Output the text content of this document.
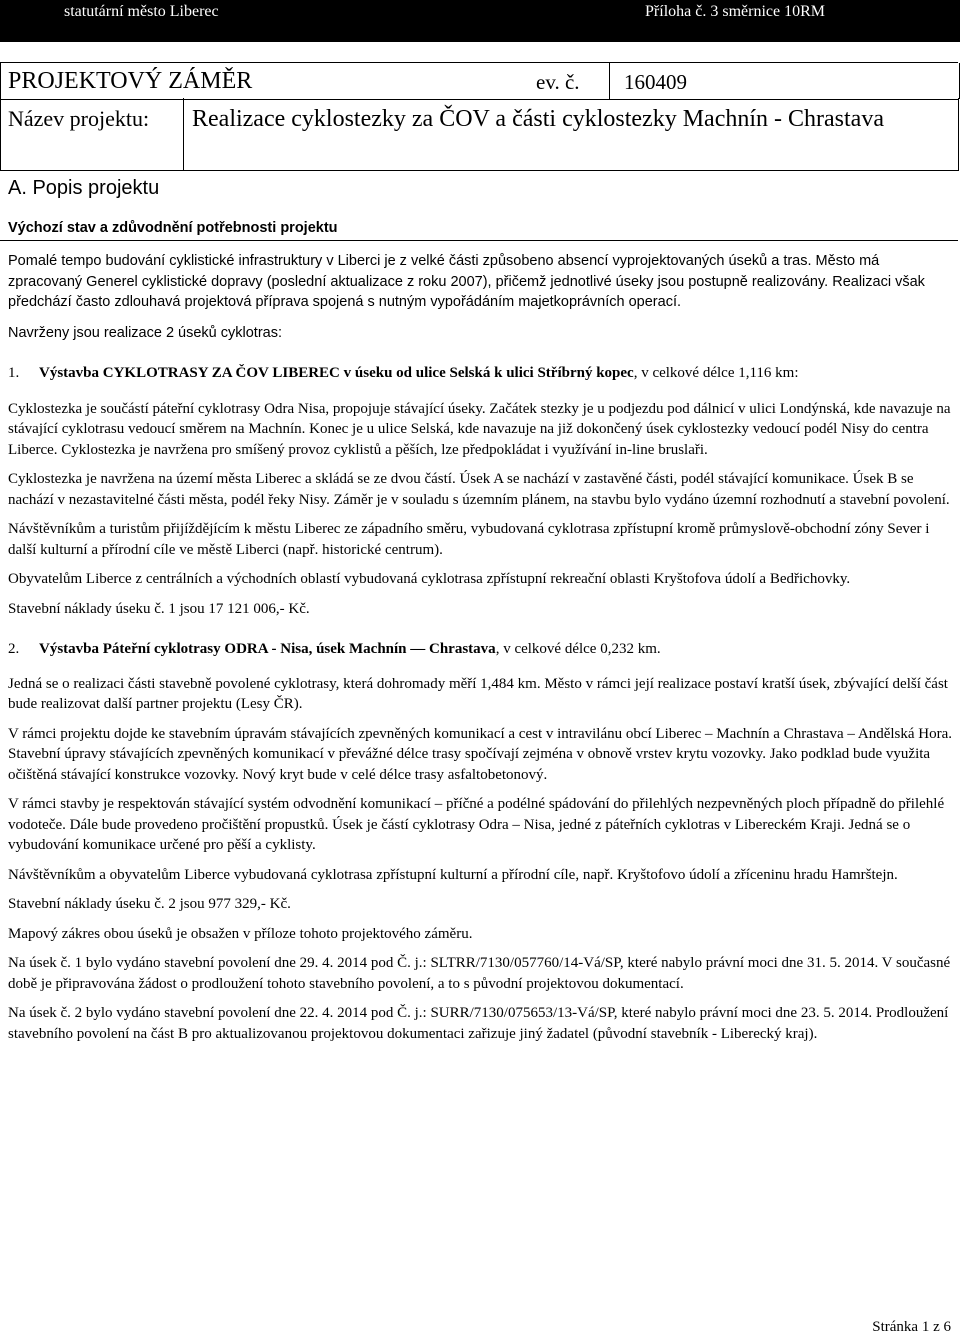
statutární město Liberec	Příloha č. 3 směrnice 10RM
PROJEKTOVÝ ZÁMĚR	ev. č. 160409
Název projektu:	Realizace cyklostezky za ČOV a části cyklostezky Machnín - Chrastava
A. Popis projektu
Výchozí stav a zdůvodnění potřebnosti projektu

Pomalé tempo budování cyklistické infrastruktury v Liberci je z velké části způsobeno absencí vyprojektovaných úseků a tras. Město má zpracovaný Generel cyklistické dopravy (poslední aktualizace z roku 2007), přičemž jednotlivé úseky jsou postupně realizovány. Realizaci však předchází často zdlouhavá projektová příprava spojená s nutným vypořádáním majetkoprávních operací.

Navrženy jsou realizace 2 úseků cyklotras:

1. Výstavba CYKLOTRASY ZA ČOV LIBEREC v úseku od ulice Selská k ulici Stříbrný kopec, v celkové délce 1,116 km:

Cyklostezka je součástí páteřní cyklotrasy Odra Nisa, propojuje stávající úseky. Začátek stezky je u podjezdu pod dálnicí v ulici Londýnská, kde navazuje na stávající cyklotrasu vedoucí směrem na Machnín. Konec je u ulice Selská, kde navazuje na již dokončený úsek cyklostezky vedoucí podél Nisy do centra Liberce. Cyklostezka je navržena pro smíšený provoz cyklistů a pěších, lze předpokládat i využívání in-line bruslaři.

Cyklostezka je navržena na území města Liberec a skládá se ze dvou částí. Úsek A se nachází v zastavěné části, podél stávající komunikace. Úsek B se nachází v nezastavitelné části města, podél řeky Nisy. Záměr je v souladu s územním plánem, na stavbu bylo vydáno územní rozhodnutí a stavební povolení.

Návštěvníkům a turistům přijíždějícím k městu Liberec ze západního směru, vybudovaná cyklotrasa zpřístupní kromě průmyslově-obchodní zóny Sever i další kulturní a přírodní cíle ve městě Liberci (např. historické centrum).

Obyvatelům Liberce z centrálních a východních oblastí vybudovaná cyklotrasa zpřístupní rekreační oblasti Kryštofova údolí a Bedřichovky.

Stavební náklady úseku č. 1 jsou 17 121 006,- Kč.

2. Výstavba Páteřní cyklotrasy ODRA - Nisa, úsek Machnín — Chrastava, v celkové délce 0,232 km.

Jedná se o realizaci části stavebně povolené cyklotrasy, která dohromady měří 1,484 km. Město v rámci její realizace postaví kratší úsek, zbývající delší část bude realizovat další partner projektu (Lesy ČR).

V rámci projektu dojde ke stavebním úpravám stávajících zpevněných komunikací a cest v intravilánu obcí Liberec – Machnín a Chrastava – Andělská Hora. Stavební úpravy stávajících zpevněných komunikací v převážné délce trasy spočívají zejména v obnově vrstev krytu vozovky. Jako podklad bude využita očištěná stávající konstrukce vozovky. Nový kryt bude v celé délce trasy asfaltobetonový.

V rámci stavby je respektován stávající systém odvodnění komunikací – příčné a podélné spádování do přilehlých nezpevněných ploch případně do přilehlé vodoteče. Dále bude provedeno pročištění propustků. Úsek je částí cyklotrasy Odra – Nisa, jedné z páteřních cyklotras v Libereckém Kraji. Jedná se o vybudování komunikace určené pro pěší a cyklisty.

Návštěvníkům a obyvatelům Liberce vybudovaná cyklotrasa zpřístupní kulturní a přírodní cíle, např. Kryštofovo údolí a zříceninu hradu Hamrštejn.

Stavební náklady úseku č. 2 jsou 977 329,- Kč.

Mapový zákres obou úseků je obsažen v příloze tohoto projektového záměru.

Na úsek č. 1 bylo vydáno stavební povolení dne 29. 4. 2014 pod Č. j.: SLTRR/7130/057760/14-Vá/SP, které nabylo právní moci dne 31. 5. 2014. V současné době je připravována žádost o prodloužení tohoto stavebního povolení, a to s původní projektovou dokumentací.

Na úsek č. 2 bylo vydáno stavební povolení dne 22. 4. 2014 pod Č. j.: SURR/7130/075653/13-Vá/SP, které nabylo právní moci dne 23. 5. 2014. Prodloužení stavebního povolení na část B pro aktualizovanou projektovou dokumentaci zařizuje jiný žadatel (původní stavebník - Liberecký kraj).

Stránka 1 z 6
